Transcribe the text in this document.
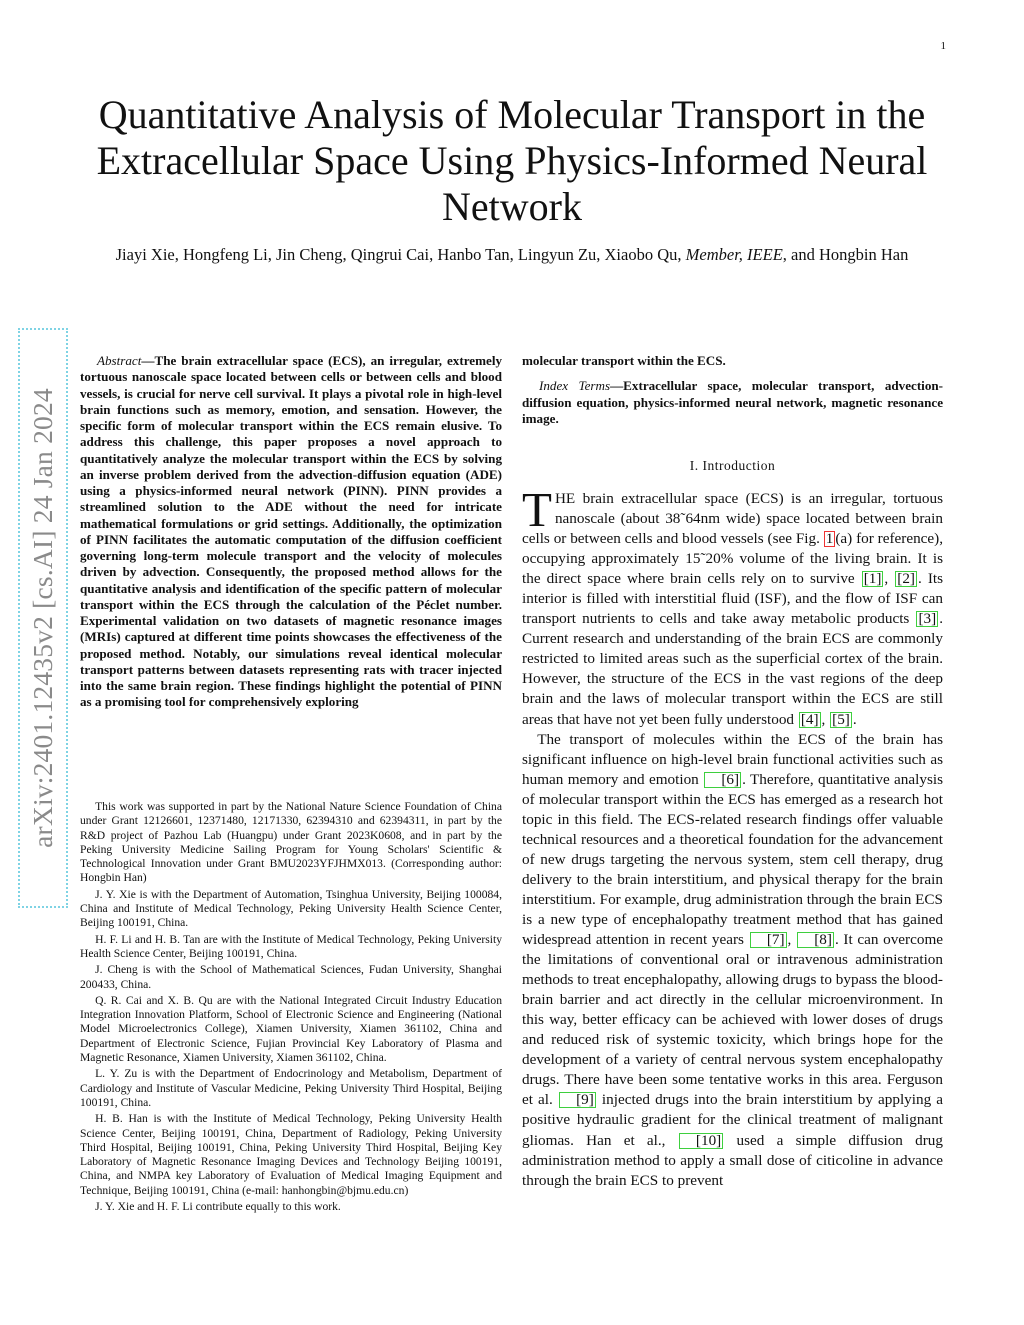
1
arXiv:2401.12435v2 [cs.AI] 24 Jan 2024
Quantitative Analysis of Molecular Transport in the Extracellular Space Using Physics-Informed Neural Network
Jiayi Xie, Hongfeng Li, Jin Cheng, Qingrui Cai, Hanbo Tan, Lingyun Zu, Xiaobo Qu, Member, IEEE, and Hongbin Han

Abstract—The brain extracellular space (ECS), an irregular, extremely tortuous nanoscale space located between cells or between cells and blood vessels, is crucial for nerve cell survival. It plays a pivotal role in high-level brain functions such as memory, emotion, and sensation. However, the specific form of molecular transport within the ECS remain elusive. To address this challenge, this paper proposes a novel approach to quantitatively analyze the molecular transport within the ECS by solving an inverse problem derived from the advection-diffusion equation (ADE) using a physics-informed neural network (PINN). PINN provides a streamlined solution to the ADE without the need for intricate mathematical formulations or grid settings. Additionally, the optimization of PINN facilitates the automatic computation of the diffusion coefficient governing long-term molecule transport and the velocity of molecules driven by advection. Consequently, the proposed method allows for the quantitative analysis and identification of the specific pattern of molecular transport within the ECS through the calculation of the Péclet number. Experimental validation on two datasets of magnetic resonance images (MRIs) captured at different time points showcases the effectiveness of the proposed method. Notably, our simulations reveal identical molecular transport patterns between datasets representing rats with tracer injected into the same brain region. These findings highlight the potential of PINN as a promising tool for comprehensively exploring

This work was supported in part by the National Nature Science Foundation of China under Grant 12126601, 12371480, 12171330, 62394310 and 62394311, in part by the R&D project of Pazhou Lab (Huangpu) under Grant 2023K0608, and in part by the Peking University Medicine Sailing Program for Young Scholars' Scientific & Technological Innovation under Grant BMU2023YFJHMX013. (Corresponding author: Hongbin Han)

J. Y. Xie is with the Department of Automation, Tsinghua University, Beijing 100084, China and Institute of Medical Technology, Peking University Health Science Center, Beijing 100191, China.

H. F. Li and H. B. Tan are with the Institute of Medical Technology, Peking University Health Science Center, Beijing 100191, China.

J. Cheng is with the School of Mathematical Sciences, Fudan University, Shanghai 200433, China.

Q. R. Cai and X. B. Qu are with the National Integrated Circuit Industry Education Integration Innovation Platform, School of Electronic Science and Engineering (National Model Microelectronics College), Xiamen University, Xiamen 361102, China and Department of Electronic Science, Fujian Provincial Key Laboratory of Plasma and Magnetic Resonance, Xiamen University, Xiamen 361102, China.

L. Y. Zu is with the Department of Endocrinology and Metabolism, Department of Cardiology and Institute of Vascular Medicine, Peking University Third Hospital, Beijing 100191, China.

H. B. Han is with the Institute of Medical Technology, Peking University Health Science Center, Beijing 100191, China, Department of Radiology, Peking University Third Hospital, Beijing 100191, China, Peking University Third Hospital, Beijing Key Laboratory of Magnetic Resonance Imaging Devices and Technology Beijing 100191, China, and NMPA key Laboratory of Evaluation of Medical Imaging Equipment and Technique, Beijing 100191, China (e-mail: hanhongbin@bjmu.edu.cn)

J. Y. Xie and H. F. Li contribute equally to this work.

molecular transport within the ECS.

Index Terms—Extracellular space, molecular transport, advection-diffusion equation, physics-informed neural network, magnetic resonance image.

I. Introduction

THE brain extracellular space (ECS) is an irregular, tortuous nanoscale (about 38˜64nm wide) space located between brain cells or between cells and blood vessels (see Fig. 1 (a) for reference), occupying approximately 15˜20% volume of the living brain. It is the direct space where brain cells rely on to survive [1] , [2] . Its interior is filled with interstitial fluid (ISF), and the flow of ISF can transport nutrients to cells and take away metabolic products [3] . Current research and understanding of the brain ECS are commonly restricted to limited areas such as the superficial cortex of the brain. However, the structure of the ECS in the vast regions of the deep brain and the laws of molecular transport within the ECS are still areas that have not yet been fully understood [4] , [5] .

The transport of molecules within the ECS of the brain has significant influence on high-level brain functional activities such as human memory and emotion [6] . Therefore, quantitative analysis of molecular transport within the ECS has emerged as a research hot topic in this field. The ECS-related research findings offer valuable technical resources and a theoretical foundation for the advancement of new drugs targeting the nervous system, stem cell therapy, drug delivery to the brain interstitium, and physical therapy for the brain interstitium. For example, drug administration through the brain ECS is a new type of encephalopathy treatment method that has gained widespread attention in recent years [7] , [8] . It can overcome the limitations of conventional oral or intravenous administration methods to treat encephalopathy, allowing drugs to bypass the blood-brain barrier and act directly in the cellular microenvironment. In this way, better efficacy can be achieved with lower doses of drugs and reduced risk of systemic toxicity, which brings hope for the development of a variety of central nervous system encephalopathy drugs. There have been some tentative works in this area. Ferguson et al. [9] injected drugs into the brain interstitium by applying a positive hydraulic gradient for the clinical treatment of malignant gliomas. Han et al., [10] used a simple diffusion drug administration method to apply a small dose of citicoline in advance through the brain ECS to prevent
